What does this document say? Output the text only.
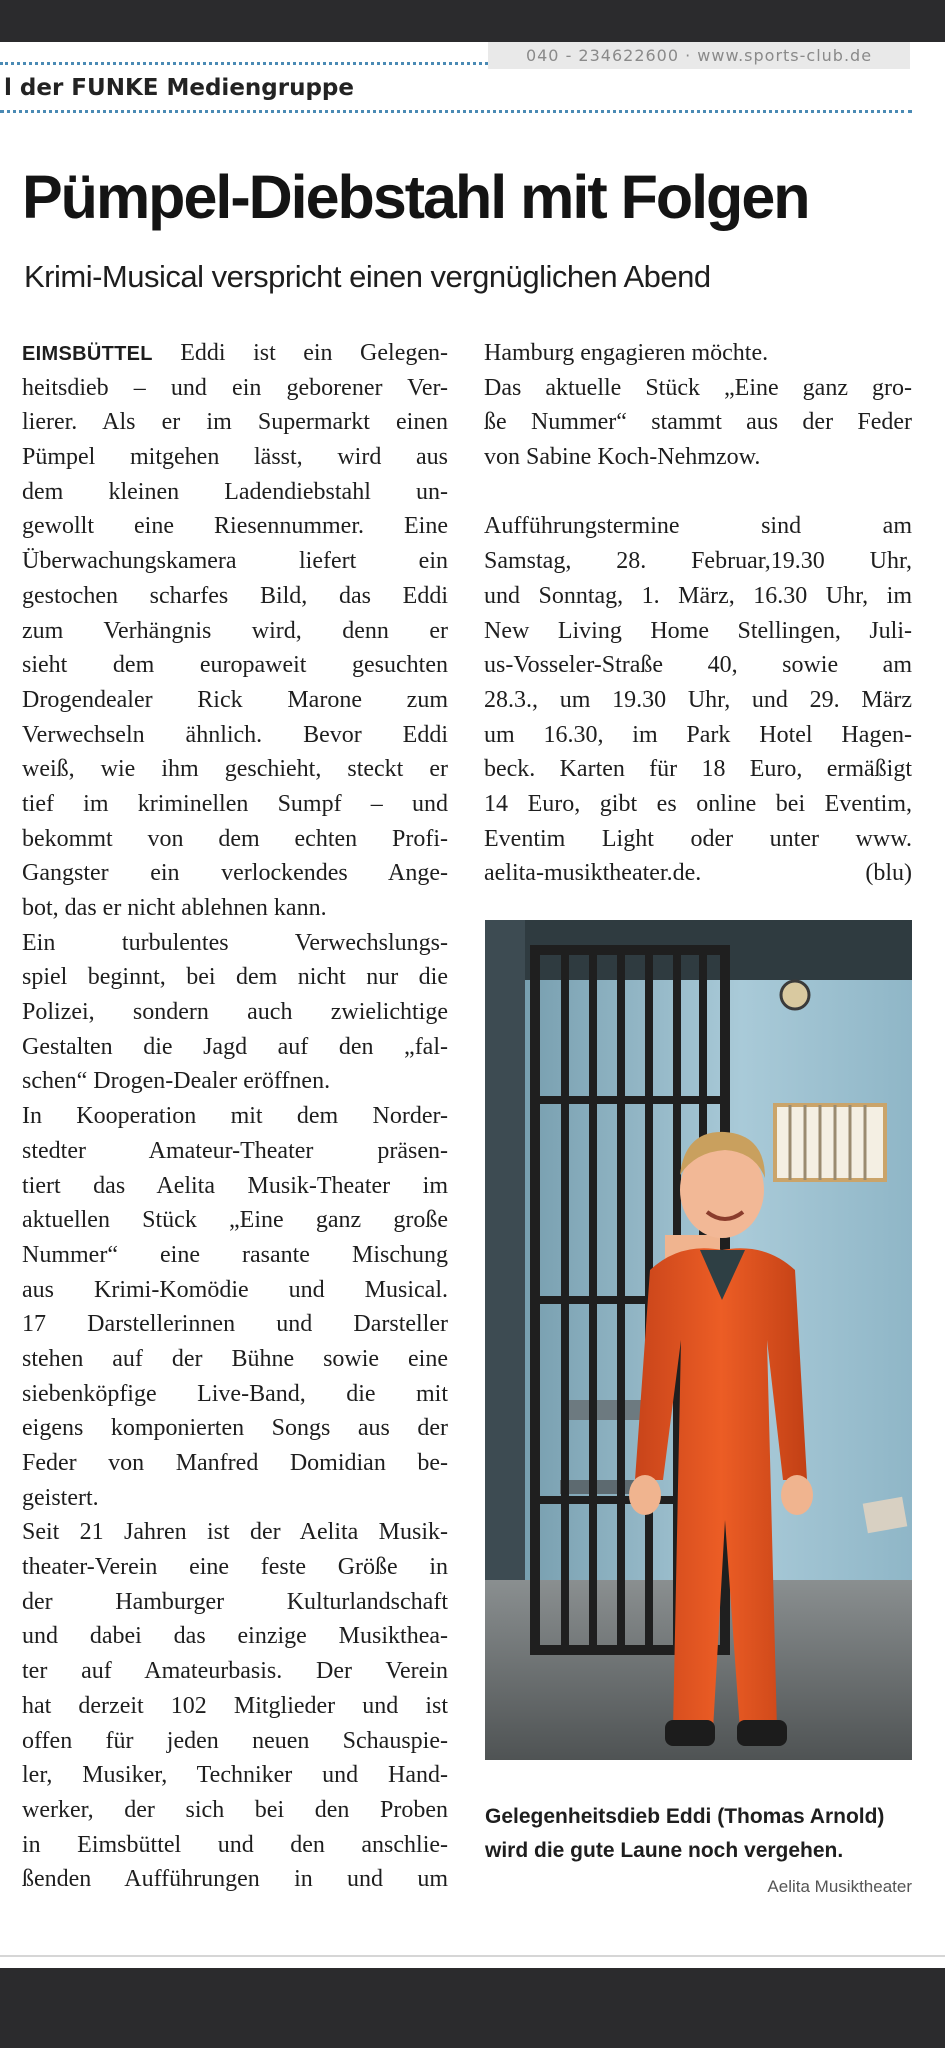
040 - 234622600 · www.sports-club.de
l der FUNKE Mediengruppe
Pümpel-Diebstahl mit Folgen
Krimi-Musical verspricht einen vergnüglichen Abend
EIMSBÜTTEL Eddi ist ein Gelegen-
heitsdieb – und ein geborener Ver-
lierer. Als er im Supermarkt einen
Pümpel mitgehen lässt, wird aus
dem kleinen Ladendiebstahl un-
gewollt eine Riesennummer. Eine
Überwachungskamera liefert ein
gestochen scharfes Bild, das Eddi
zum Verhängnis wird, denn er
sieht dem europaweit gesuchten
Drogendealer Rick Marone zum
Verwechseln ähnlich. Bevor Eddi
weiß, wie ihm geschieht, steckt er
tief im kriminellen Sumpf – und
bekommt von dem echten Profi-
Gangster ein verlockendes Ange-
bot, das er nicht ablehnen kann.
Ein turbulentes Verwechslungs-
spiel beginnt, bei dem nicht nur die
Polizei, sondern auch zwielichtige
Gestalten die Jagd auf den „fal-
schen“ Drogen-Dealer eröffnen.
In Kooperation mit dem Norder-
stedter Amateur-Theater präsen-
tiert das Aelita Musik-Theater im
aktuellen Stück „Eine ganz große
Nummer“ eine rasante Mischung
aus Krimi-Komödie und Musical.
17 Darstellerinnen und Darsteller
stehen auf der Bühne sowie eine
siebenköpfige Live-Band, die mit
eigens komponierten Songs aus der
Feder von Manfred Domidian be-
geistert.
Seit 21 Jahren ist der Aelita Musik-
theater-Verein eine feste Größe in
der Hamburger Kulturlandschaft
und dabei das einzige Musikthea-
ter auf Amateurbasis. Der Verein
hat derzeit 102 Mitglieder und ist
offen für jeden neuen Schauspie-
ler, Musiker, Techniker und Hand-
werker, der sich bei den Proben
in Eimsbüttel und den anschlie-
ßenden Aufführungen in und um
Hamburg engagieren möchte.
Das aktuelle Stück „Eine ganz gro-
ße Nummer“ stammt aus der Feder
von Sabine Koch-Nehmzow.
Aufführungstermine sind am
Samstag, 28. Februar,19.30 Uhr,
und Sonntag, 1. März, 16.30 Uhr, im
New Living Home Stellingen, Juli-
us-Vosseler-Straße 40, sowie am
28.3., um 19.30 Uhr, und 29. März
um 16.30, im Park Hotel Hagen-
beck. Karten für 18 Euro, ermäßigt
14 Euro, gibt es online bei Eventim,
Eventim Light oder unter www.
aelita-musiktheater.de. (blu)
Gelegenheitsdieb Eddi (Thomas Arnold)
wird die gute Laune noch vergehen.
Aelita Musiktheater
